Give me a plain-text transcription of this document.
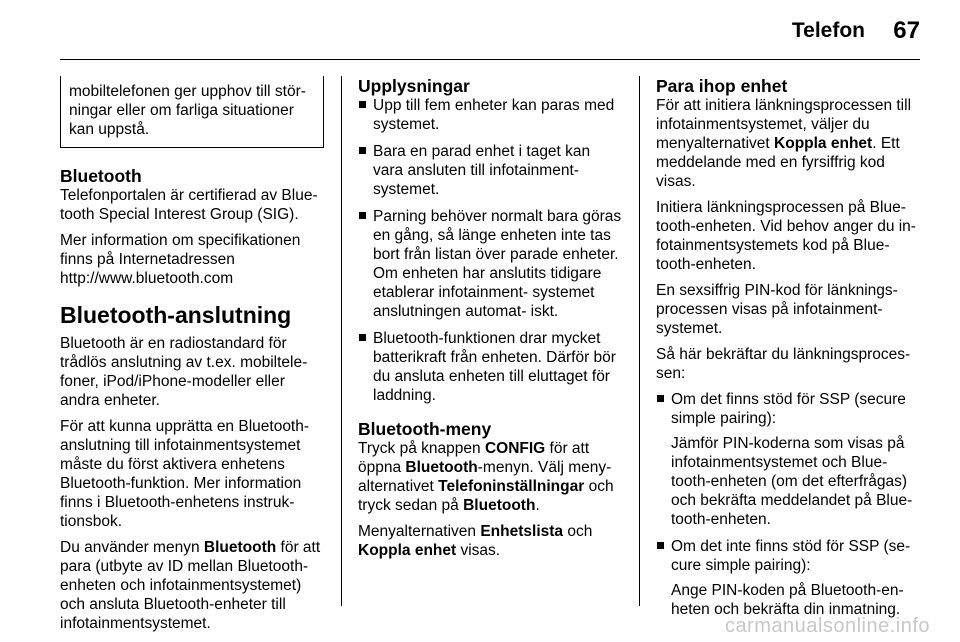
Telefon 67
mobiltelefonen ger upphov till stör- ningar eller om farliga situationer kan uppstå.
Bluetooth

Telefonportalen är certifierad av Blue- tooth Special Interest Group (SIG).

Mer information om specifikationen finns på Internetadressen
http://www.bluetooth.com

Bluetooth-anslutning

Bluetooth är en radiostandard för trådlös anslutning av t.ex. mobiltele- foner, iPod/iPhone-modeller eller andra enheter.

För att kunna upprätta en Bluetooth- anslutning till infotainmentsystemet måste du först aktivera enhetens Bluetooth-funktion. Mer information finns i Bluetooth-enhetens instruk- tionsbok.

Du använder menyn Bluetooth för att para (utbyte av ID mellan Bluetooth- enheten och infotainmentsystemet) och ansluta Bluetooth-enheter till infotainmentsystemet.

Upplysningar
Upp till fem enheter kan paras med systemet.
Bara en parad enhet i taget kan vara ansluten till infotainment- systemet.
Parning behöver normalt bara göras en gång, så länge enheten inte tas bort från listan över parade enheter. Om enheten har anslutits tidigare etablerar infotainment- systemet anslutningen automat- iskt.
Bluetooth-funktionen drar mycket batterikraft från enheten. Därför bör du ansluta enheten till eluttaget för laddning.
Bluetooth-meny

Tryck på knappen CONFIG för att öppna Bluetooth-menyn. Välj meny- alternativet Telefoninställningar och tryck sedan på Bluetooth.

Menyalternativen Enhetslista och Koppla enhet visas.

Para ihop enhet

För att initiera länkningsprocessen till infotainmentsystemet, väljer du menyalternativet Koppla enhet. Ett meddelande med en fyrsiffrig kod visas.

Initiera länkningsprocessen på Blue- tooth-enheten. Vid behov anger du in- fotainmentsystemets kod på Blue- tooth-enheten.

En sexsiffrig PIN-kod för länknings- processen visas på infotainment- systemet.

Så här bekräftar du länkningsproces- sen:

Om det finns stöd för SSP (secure simple pairing):

Jämför PIN-koderna som visas på infotainmentsystemet och Blue- tooth-enheten (om det efterfrågas) och bekräfta meddelandet på Blue- tooth-enheten.

Om det inte finns stöd för SSP (se- cure simple pairing):

Ange PIN-koden på Bluetooth-en- heten och bekräfta din inmatning.

carmanualsonline.info
